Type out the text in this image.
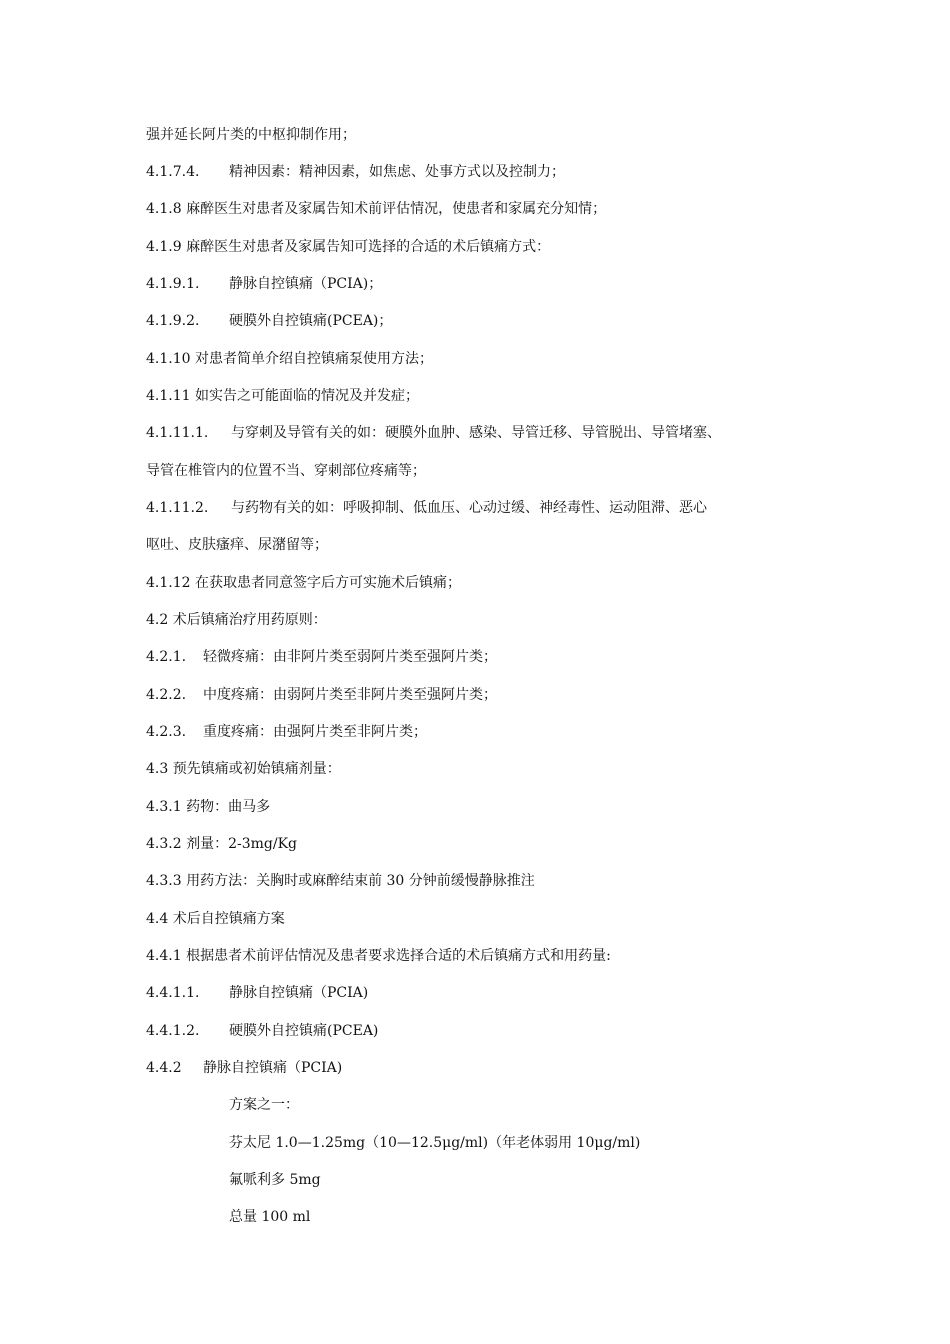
强并延长阿片类的中枢抑制作用；
4.1.7.4. 精神因素：精神因素，如焦虑、处事方式以及控制力；
4.1.8 麻醉医生对患者及家属告知术前评估情况，使患者和家属充分知情；
4.1.9 麻醉医生对患者及家属告知可选择的合适的术后镇痛方式：
4.1.9.1. 静脉自控镇痛（PCIA)；
4.1.9.2. 硬膜外自控镇痛(PCEA)；
4.1.10 对患者简单介绍自控镇痛泵使用方法；
4.1.11 如实告之可能面临的情况及并发症；
4.1.11.1. 与穿刺及导管有关的如：硬膜外血肿、感染、导管迁移、导管脱出、导管堵塞、
导管在椎管内的位置不当、穿刺部位疼痛等；
4.1.11.2. 与药物有关的如：呼吸抑制、低血压、心动过缓、神经毒性、运动阻滞、恶心
呕吐、皮肤瘙痒、尿潴留等；
4.1.12 在获取患者同意签字后方可实施术后镇痛；
4.2 术后镇痛治疗用药原则：
4.2.1. 轻微疼痛：由非阿片类至弱阿片类至强阿片类；
4.2.2. 中度疼痛：由弱阿片类至非阿片类至强阿片类；
4.2.3. 重度疼痛：由强阿片类至非阿片类；
4.3 预先镇痛或初始镇痛剂量：
4.3.1 药物：曲马多
4.3.2 剂量：2-3mg/Kg
4.3.3 用药方法：关胸时或麻醉结束前 30 分钟前缓慢静脉推注
4.4 术后自控镇痛方案
4.4.1 根据患者术前评估情况及患者要求选择合适的术后镇痛方式和用药量:
4.4.1.1. 静脉自控镇痛（PCIA)
4.4.1.2. 硬膜外自控镇痛(PCEA)
4.4.2 静脉自控镇痛（PCIA)
方案之一：
芬太尼 1.0—1.25mg（10—12.5μg/ml)（年老体弱用 10μg/ml)
氟哌利多 5mg
总量 100 ml
